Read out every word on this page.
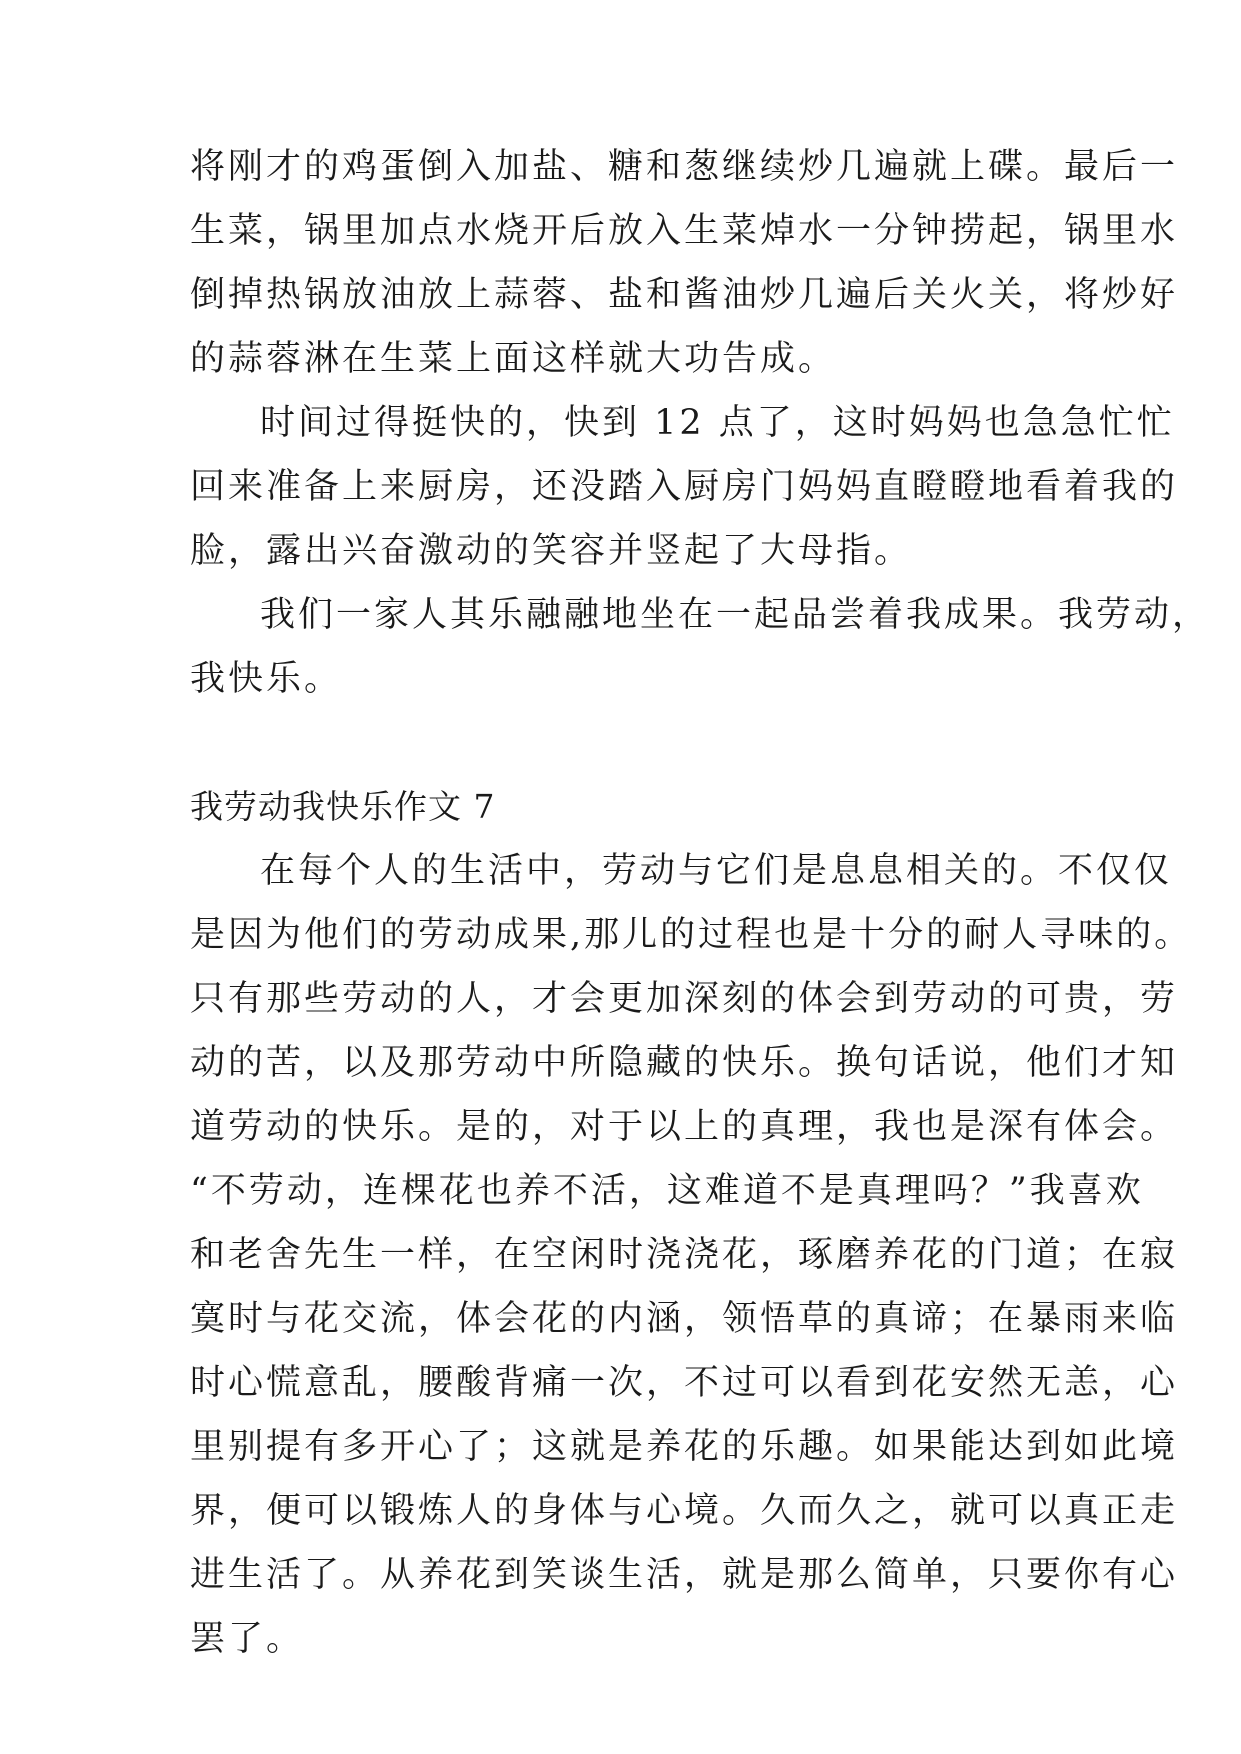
将刚才的鸡蛋倒入加盐、糖和葱继续炒几遍就上碟。最后一
生菜，锅里加点水烧开后放入生菜焯水一分钟捞起，锅里水
倒掉热锅放油放上蒜蓉、盐和酱油炒几遍后关火关，将炒好
的蒜蓉淋在生菜上面这样就大功告成。
时间过得挺快的，快到 12 点了，这时妈妈也急急忙忙
回来准备上来厨房，还没踏入厨房门妈妈直瞪瞪地看着我的
脸，露出兴奋激动的笑容并竖起了大母指。
我们一家人其乐融融地坐在一起品尝着我成果。我劳动，
我快乐。
我劳动我快乐作文 7
在每个人的生活中，劳动与它们是息息相关的。不仅仅
是因为他们的劳动成果,那儿的过程也是十分的耐人寻味的。
只有那些劳动的人，才会更加深刻的体会到劳动的可贵，劳
动的苦，以及那劳动中所隐藏的快乐。换句话说，他们才知
道劳动的快乐。是的，对于以上的真理，我也是深有体会。
“不劳动，连棵花也养不活，这难道不是真理吗？”我喜欢
和老舍先生一样，在空闲时浇浇花，琢磨养花的门道；在寂
寞时与花交流，体会花的内涵，领悟草的真谛；在暴雨来临
时心慌意乱，腰酸背痛一次，不过可以看到花安然无恙，心
里别提有多开心了；这就是养花的乐趣。如果能达到如此境
界，便可以锻炼人的身体与心境。久而久之，就可以真正走
进生活了。从养花到笑谈生活，就是那么简单，只要你有心
罢了。
